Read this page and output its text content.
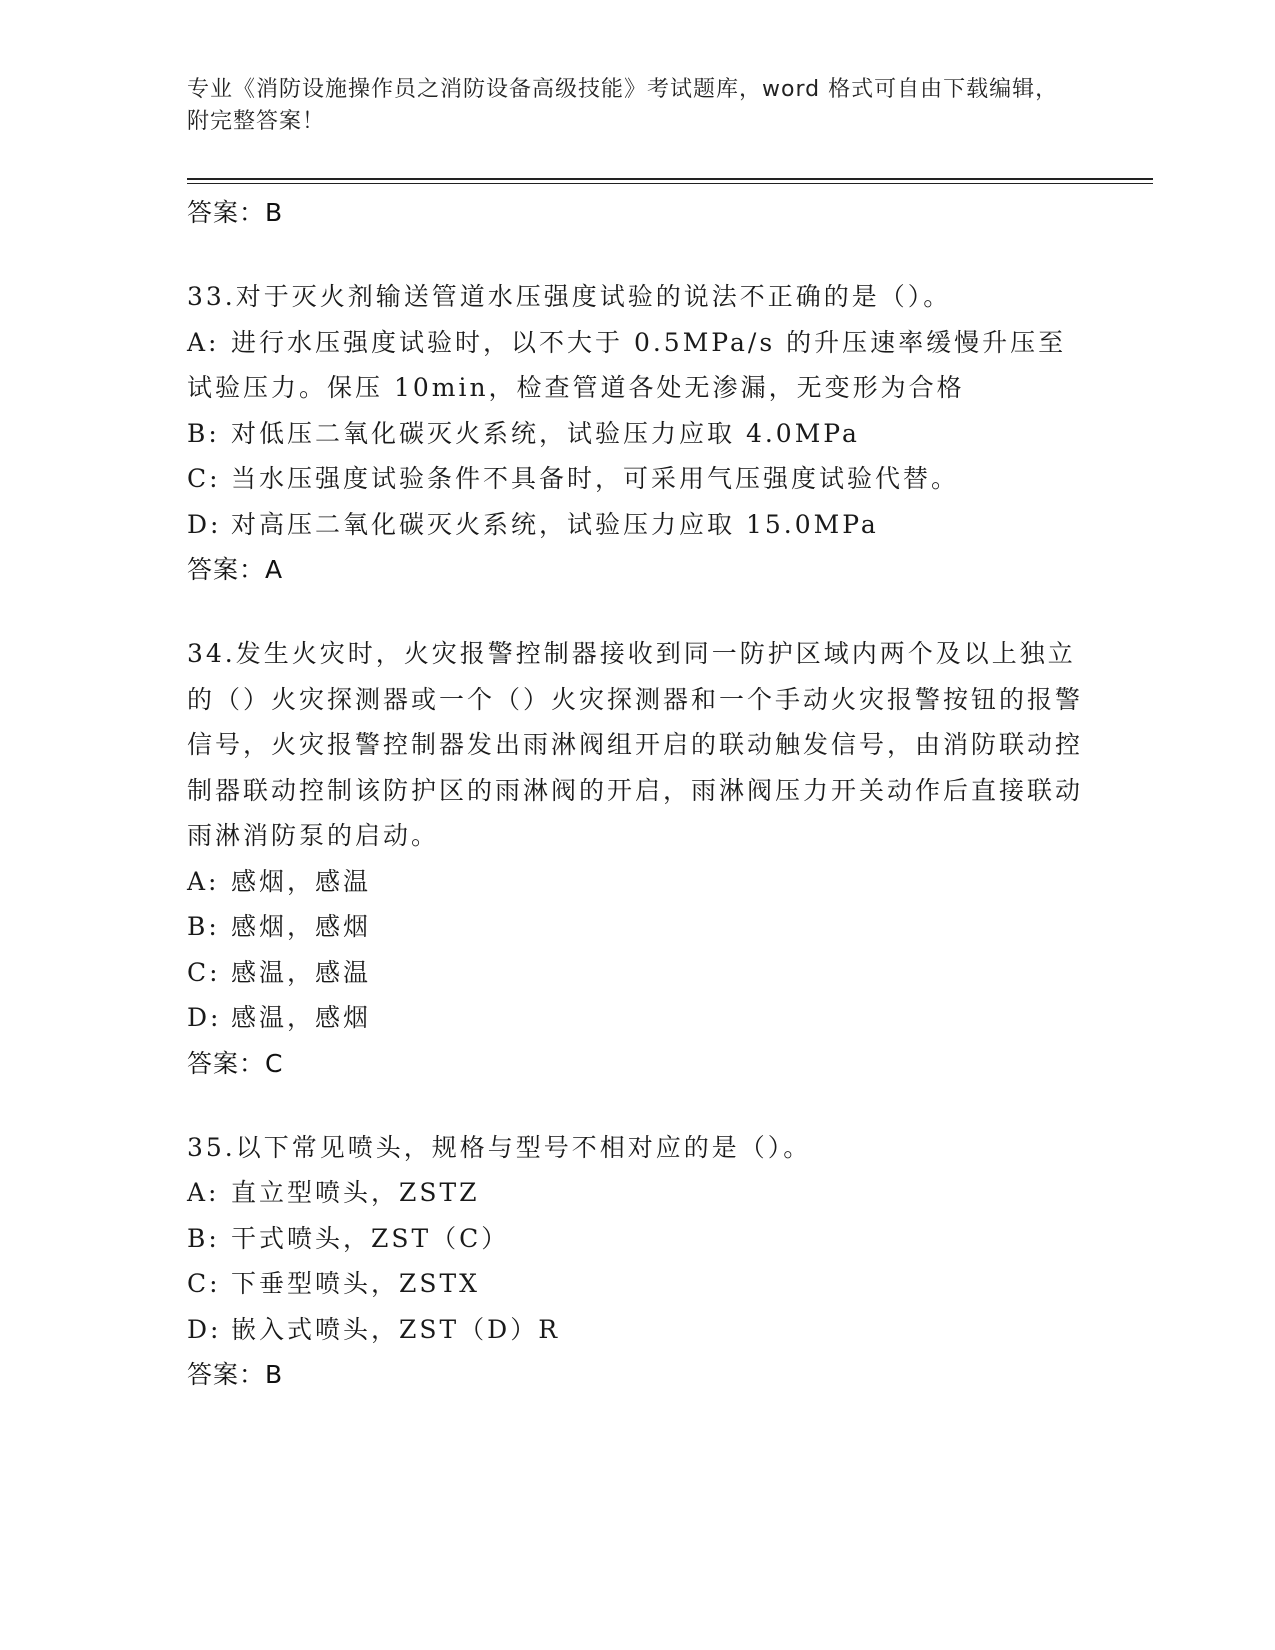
专业《消防设施操作员之消防设备高级技能》考试题库，word 格式可自由下载编辑，附完整答案！
答案：B

33.对于灭火剂输送管道水压强度试验的说法不正确的是（）。

A: 进行水压强度试验时，以不大于 0.5MPa/s 的升压速率缓慢升压至试验压力。保压 10min，检查管道各处无渗漏，无变形为合格

B: 对低压二氧化碳灭火系统，试验压力应取 4.0MPa

C: 当水压强度试验条件不具备时，可采用气压强度试验代替。

D: 对高压二氧化碳灭火系统，试验压力应取 15.0MPa

答案：A

34.发生火灾时，火灾报警控制器接收到同一防护区域内两个及以上独立的（）火灾探测器或一个（）火灾探测器和一个手动火灾报警按钮的报警信号，火灾报警控制器发出雨淋阀组开启的联动触发信号，由消防联动控制器联动控制该防护区的雨淋阀的开启，雨淋阀压力开关动作后直接联动雨淋消防泵的启动。

A: 感烟，感温

B: 感烟，感烟

C: 感温，感温

D: 感温，感烟

答案：C

35.以下常见喷头，规格与型号不相对应的是（）。

A: 直立型喷头，ZSTZ

B: 干式喷头，ZST（C）

C: 下垂型喷头，ZSTX

D: 嵌入式喷头，ZST（D）R

答案：B
